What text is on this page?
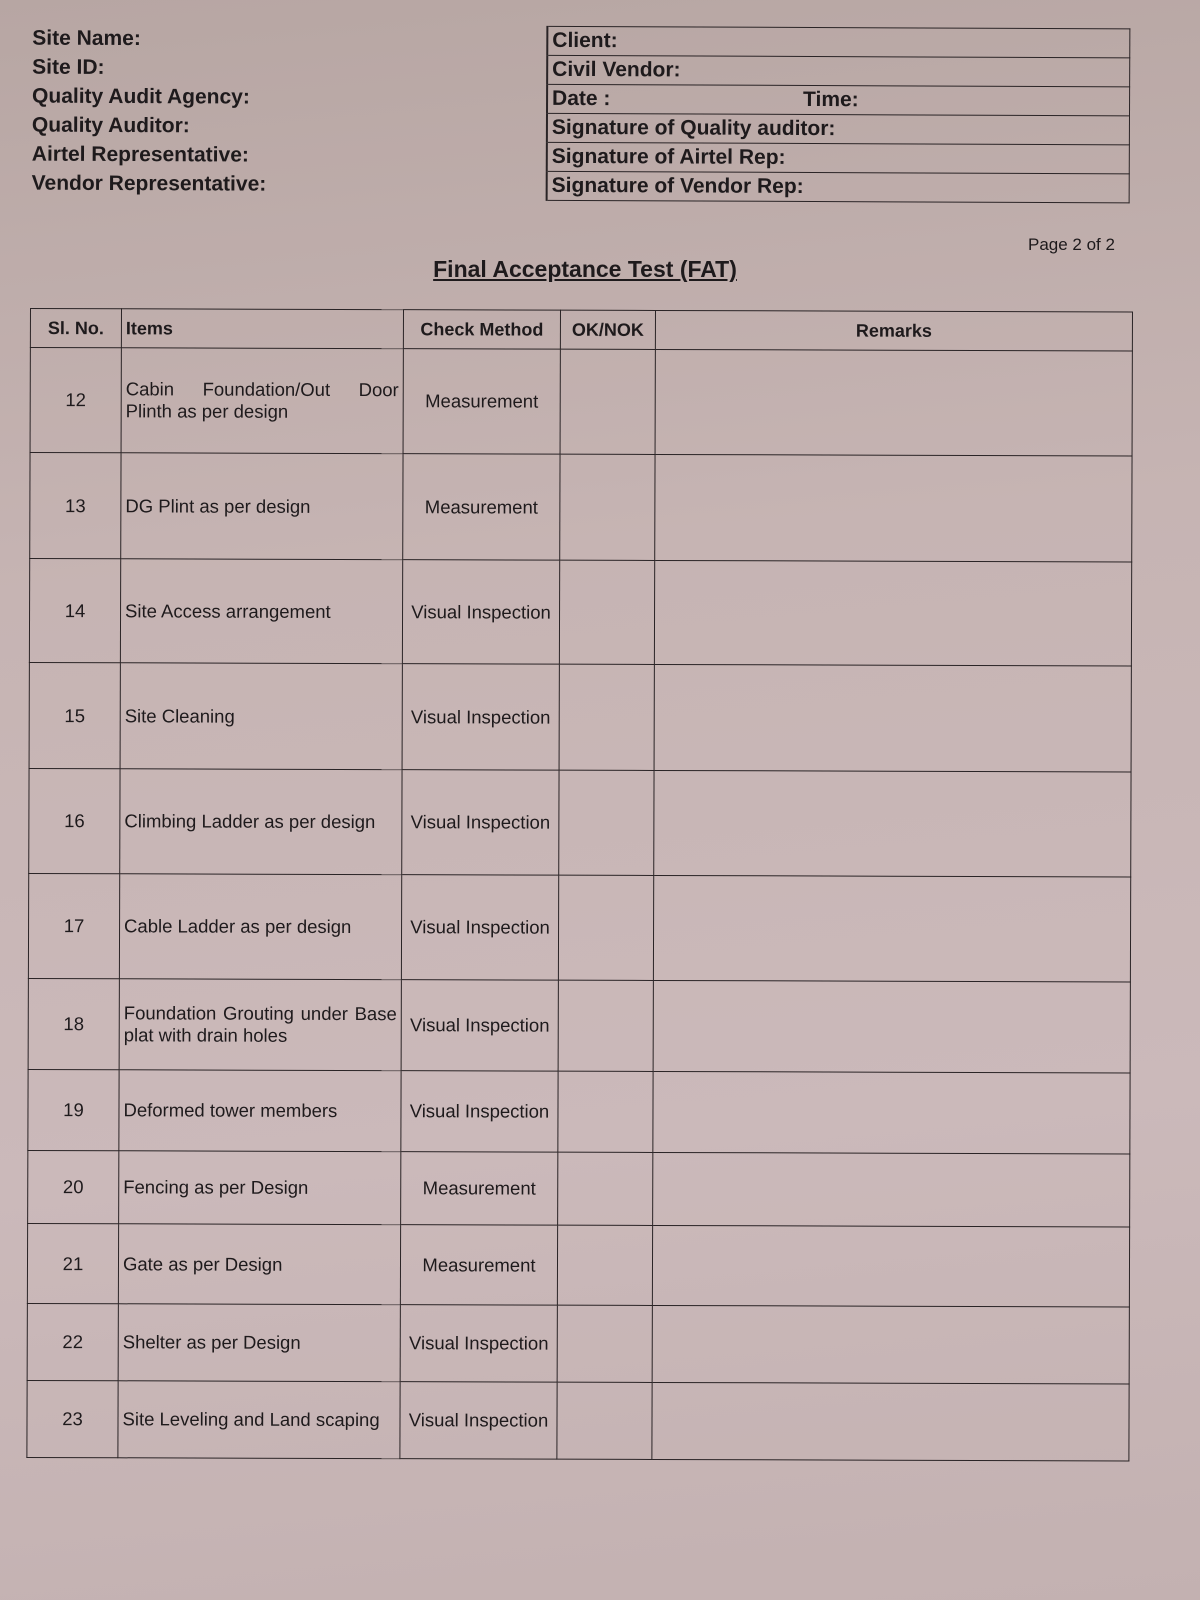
Site Name:	Client:
Site ID:	Civil Vendor:
Quality Audit Agency:	Date : Time:

Quality Auditor:	Signature of Quality auditor:
Airtel Representative:	Signature of Airtel Rep:
Vendor Representative:	Signature of Vendor Rep:
Page 2 of 2
Final Acceptance Test (FAT)
Sl. No.	Items	Check Method	OK/NOK	Remarks
12	Cabin Foundation/Out Door Plinth as per design	Measurement		
13	DG Plint as per design	Measurement		
14	Site Access arrangement	Visual Inspection		
15	Site Cleaning	Visual Inspection		
16	Climbing Ladder as per design	Visual Inspection		
17	Cable Ladder as per design	Visual Inspection		
18	Foundation Grouting under Base plat with drain holes	Visual Inspection		
19	Deformed tower members	Visual Inspection		
20	Fencing as per Design	Measurement		
21	Gate as per Design	Measurement		
22	Shelter as per Design	Visual Inspection		
23	Site Leveling and Land scaping	Visual Inspection		
